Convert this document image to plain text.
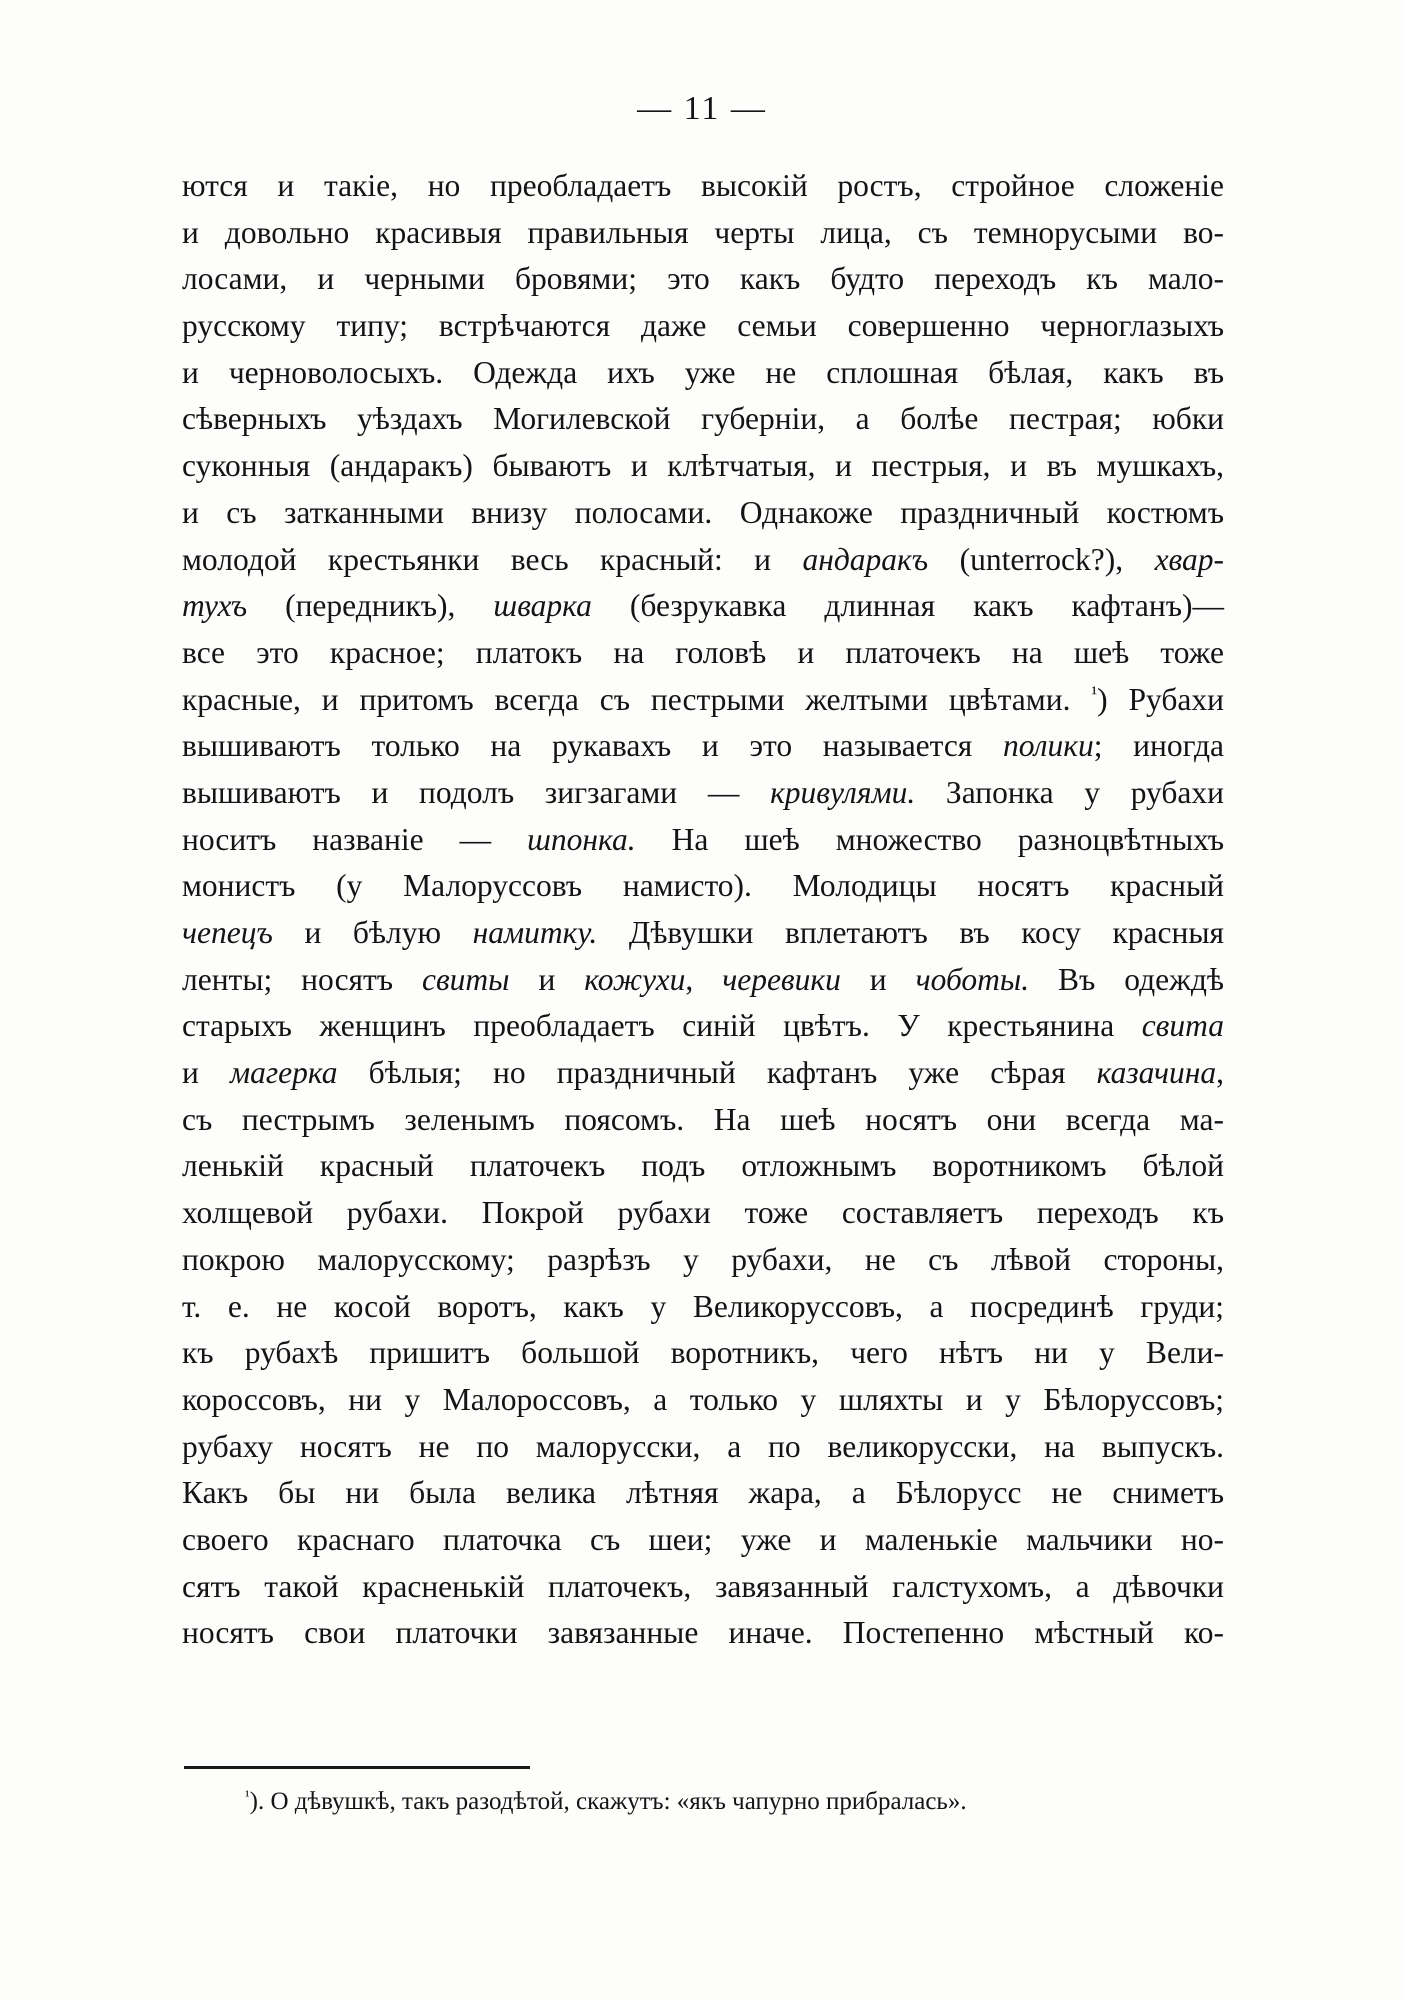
— 11 —
ются и такіе, но преобладаетъ высокій ростъ, стройное сложеніе
и довольно красивыя правильныя черты лица, съ темнорусыми во-
лосами, и черными бровями; это какъ будто переходъ къ мало-
русскому типу; встрѣчаются даже семьи совершенно черноглазыхъ
и черноволосыхъ. Одежда ихъ уже не сплошная бѣлая, какъ въ
сѣверныхъ уѣздахъ Могилевской губерніи, а болѣе пестрая; юбки
суконныя (андаракъ) бываютъ и клѣтчатыя, и пестрыя, и въ мушкахъ,
и съ затканными внизу полосами. Однакоже праздничный костюмъ
молодой крестьянки весь красный: и андаракъ (unterrock?), хвар-
тухъ (передникъ), шварка (безрукавка длинная какъ кафтанъ)—
все это красное; платокъ на головѣ и платочекъ на шеѣ тоже
красные, и притомъ всегда съ пестрыми желтыми цвѣтами. $^{^1}$) Рубахи
вышиваютъ только на рукавахъ и это называется полики; иногда
вышиваютъ и подолъ зигзагами — кривулями. Запонка у рубахи
носитъ названіе — шпонка. На шеѣ множество разноцвѣтныхъ
монистъ (у Малоруссовъ намисто). Молодицы носятъ красный
чепецъ и бѣлую намитку. Дѣвушки вплетаютъ въ косу красныя
ленты; носятъ свиты и кожухи, черевики и чоботы. Въ одеждѣ
старыхъ женщинъ преобладаетъ синій цвѣтъ. У крестьянина свита
и магерка бѣлыя; но праздничный кафтанъ уже сѣрая казачина,
съ пестрымъ зеленымъ поясомъ. На шеѣ носятъ они всегда ма-
ленькій красный платочекъ подъ отложнымъ воротникомъ бѣлой
холщевой рубахи. Покрой рубахи тоже составляетъ переходъ къ
покрою малорусскому; разрѣзъ у рубахи, не съ лѣвой стороны,
т. е. не косой воротъ, какъ у Великоруссовъ, а посрединѣ груди;
къ рубахѣ пришитъ большой воротникъ, чего нѣтъ ни у Вели-
короссовъ, ни у Малороссовъ, а только у шляхты и у Бѣлоруссовъ;
рубаху носятъ не по малорусски, а по великорусски, на выпускъ.
Какъ бы ни была велика лѣтняя жара, а Бѣлорусс не сниметъ
своего краснаго платочка съ шеи; уже и маленькіе мальчики но-
сятъ такой красненькій платочекъ, завязанный галстухомъ, а дѣвочки
носятъ свои платочки завязанные иначе. Постепенно мѣстный ко-
$^{^1}$). О дѣвушкѣ, такъ разодѣтой, скажутъ: «якъ чапурно прибралась».
